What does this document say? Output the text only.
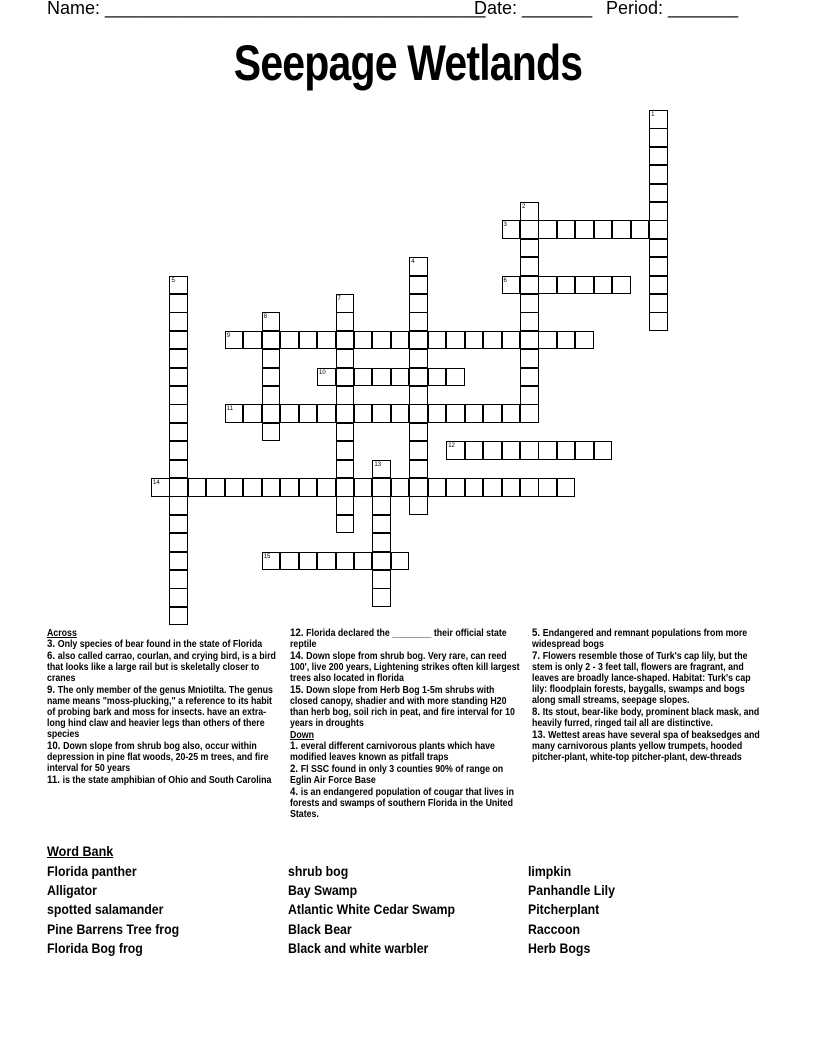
Name: ______________________________________
Date: _______ Period: _______
Seepage Wetlands
3
6
9
10
11
12
14
15
1
2
4
5
7
8
13
Across
3. Only species of bear found in the state of Florida
6. also called carrao, courlan, and crying bird, is a bird that looks like a large rail but is skeletally closer to cranes
9. The only member of the genus Mniotilta. The genus name means "moss-plucking," a reference to its habit of probing bark and moss for insects. have an extra-long hind claw and heavier legs than others of there species
10. Down slope from shrub bog also, occur within depression in pine flat woods, 20-25 m trees, and fire interval for 50 years
11. is the state amphibian of Ohio and South Carolina
12. Florida declared the ________ their official state reptile
14. Down slope from shrub bog. Very rare, can reed 100', live 200 years, Lightening strikes often kill largest trees also located in florida
15. Down slope from Herb Bog 1-5m shrubs with closed canopy, shadier and with more standing H20 than herb bog, soil rich in peat, and fire interval for 10 years in droughts
Down
1. everal different carnivorous plants which have modified leaves known as pitfall traps
2. Fl SSC found in only 3 counties 90% of range on Eglin Air Force Base
4. is an endangered population of cougar that lives in forests and swamps of southern Florida in the United States.
5. Endangered and remnant populations from more widespread bogs
7. Flowers resemble those of Turk's cap lily, but the stem is only 2 - 3 feet tall, flowers are fragrant, and leaves are broadly lance-shaped. Habitat: Turk's cap lily: floodplain forests, baygalls, swamps and bogs along small streams, seepage slopes.
8. Its stout, bear-like body, prominent black mask, and heavily furred, ringed tail all are distinctive.
13. Wettest areas have several spa of beaksedges and many carnivorous plants yellow trumpets, hooded pitcher-plant, white-top pitcher-plant, dew-threads
Word Bank
Florida panther
Alligator
spotted salamander
Pine Barrens Tree frog
Florida Bog frog
shrub bog
Bay Swamp
Atlantic White Cedar Swamp
Black Bear
Black and white warbler
limpkin
Panhandle Lily
Pitcherplant
Raccoon
Herb Bogs
